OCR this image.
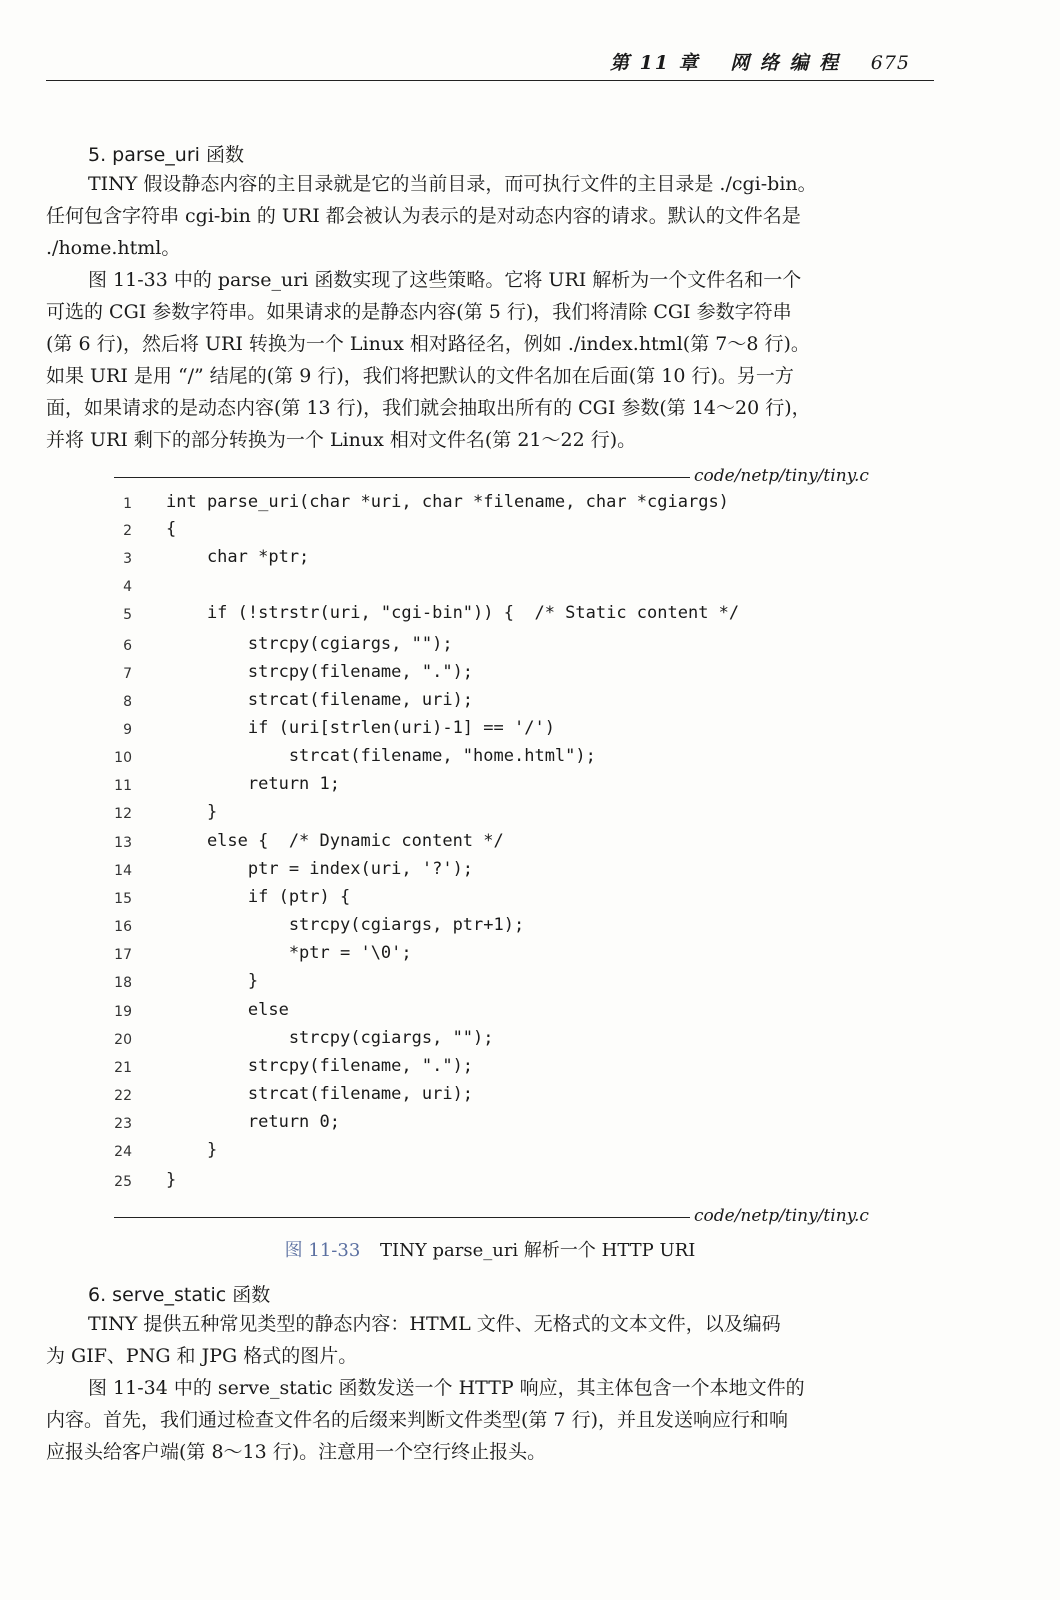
第 11 章 网 络 编 程 675
5. parse_uri 函数
TINY 假设静态内容的主目录就是它的当前目录，而可执行文件的主目录是 ./cgi-bin。
任何包含字符串 cgi-bin 的 URI 都会被认为表示的是对动态内容的请求。默认的文件名是
./home.html。
图 11-33 中的 parse_uri 函数实现了这些策略。它将 URI 解析为一个文件名和一个
可选的 CGI 参数字符串。如果请求的是静态内容(第 5 行)，我们将清除 CGI 参数字符串
(第 6 行)，然后将 URI 转换为一个 Linux 相对路径名，例如 ./index.html(第 7～8 行)。
如果 URI 是用 “/” 结尾的(第 9 行)，我们将把默认的文件名加在后面(第 10 行)。另一方
面，如果请求的是动态内容(第 13 行)，我们就会抽取出所有的 CGI 参数(第 14～20 行)，
并将 URI 剩下的部分转换为一个 Linux 相对文件名(第 21～22 行)。
code/netp/tiny/tiny.c
1 int parse_uri(char *uri, char *filename, char *cgiargs)
2 {
3 char *ptr;
4
5 if (!strstr(uri, "cgi-bin")) {  /* Static content */
6 strcpy(cgiargs, "");
7 strcpy(filename, ".");
8 strcat(filename, uri);
9 if (uri[strlen(uri)-1] == '/')
10 strcat(filename, "home.html");
11 return 1;
12 }
13 else {  /* Dynamic content */
14 ptr = index(uri, '?');
15 if (ptr) {
16 strcpy(cgiargs, ptr+1);
17 *ptr = '\0';
18 }
19 else
20 strcpy(cgiargs, "");
21 strcpy(filename, ".");
22 strcat(filename, uri);
23 return 0;
24 }
25 }
code/netp/tiny/tiny.c
图 11-33 TINY parse_uri 解析一个 HTTP URI
6. serve_static 函数
TINY 提供五种常见类型的静态内容：HTML 文件、无格式的文本文件，以及编码
为 GIF、PNG 和 JPG 格式的图片。
图 11-34 中的 serve_static 函数发送一个 HTTP 响应，其主体包含一个本地文件的
内容。首先，我们通过检查文件名的后缀来判断文件类型(第 7 行)，并且发送响应行和响
应报头给客户端(第 8～13 行)。注意用一个空行终止报头。
